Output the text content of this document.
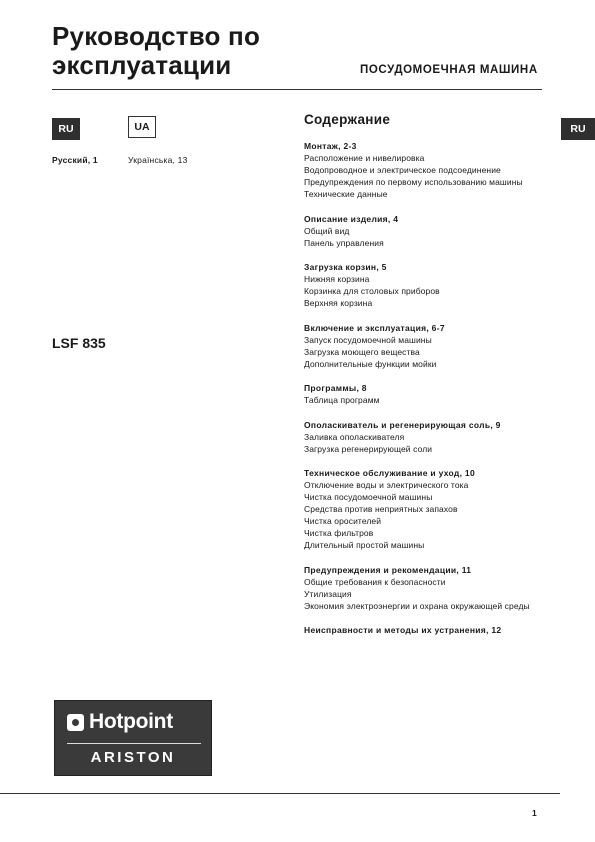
Руководство по
эксплуатации	ПОСУДОМОЕЧНАЯ МАШИНА
RU	UA
Русский, 1	Українська, 13
RU
LSF 835
Содержание
Монтаж, 2-3
Расположение и нивелировка
Водопроводное и электрическое подсоединение
Предупреждения по первому использованию машины
Технические данные
Описание изделия, 4
Общий вид
Панель управления
Загрузка корзин, 5
Нижняя корзина
Корзинка для столовых приборов
Верхняя корзина
Включение и эксплуатация, 6-7
Запуск посудомоечной машины
Загрузка моющего вещества
Дополнительные функции мойки
Программы, 8
Таблица программ
Ополаскиватель и регенерирующая соль, 9
Заливка ополаскивателя
Загрузка регенерирующей соли
Техническое обслуживание и уход, 10
Отключение воды и электрического тока
Чистка посудомоечной машины
Средства против неприятных запахов
Чистка оросителей
Чистка фильтров
Длительный простой машины
Предупреждения и рекомендации, 11
Общие требования к безопасности
Утилизация
Экономия электроэнергии и охрана окружающей среды
Неисправности и методы их устранения, 12
Hotpoint
ARISTON
1
